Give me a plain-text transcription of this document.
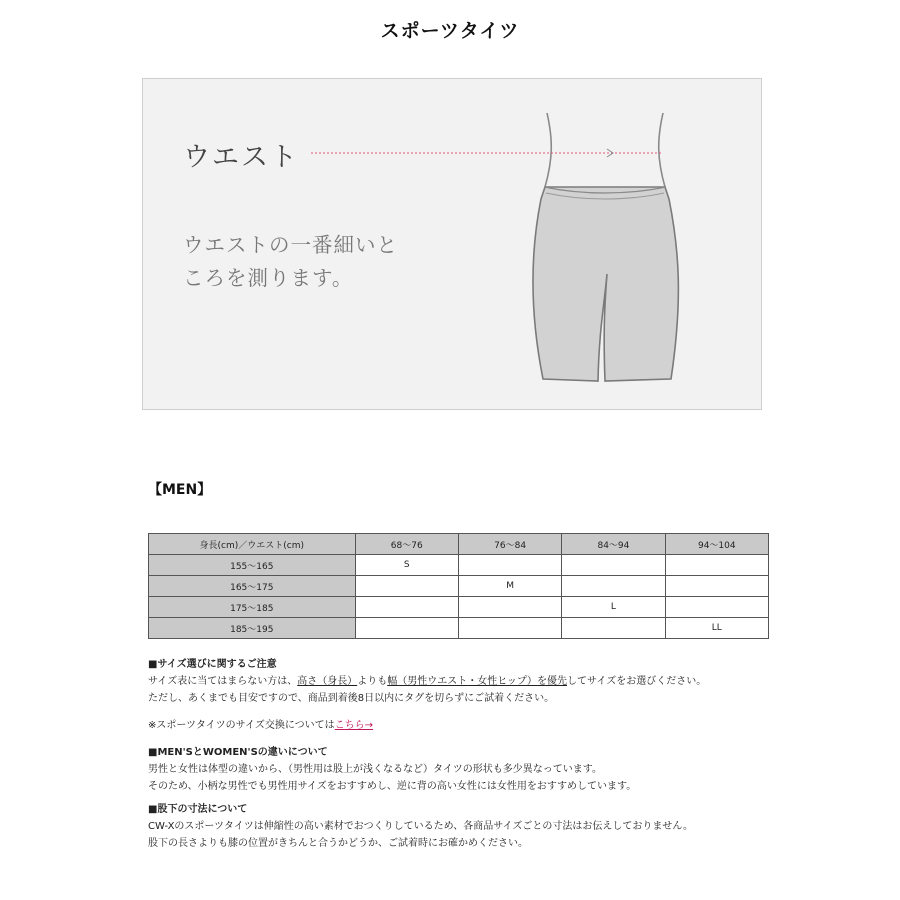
スポーツタイツ
ウエスト
ウエストの一番細いと
ころを測ります。
【MEN】
身長(cm)／ウエスト(cm)	68〜76	76〜84	84〜94	94〜104
155〜165	S			
165〜175		M		
175〜185			L	
185〜195				LL
■サイズ選びに関するご注意
サイズ表に当てはまらない方は、高さ（身長）よりも幅（男性ウエスト・女性ヒップ）を優先してサイズをお選びください。
ただし、あくまでも目安ですので、商品到着後8日以内にタグを切らずにご試着ください。
※スポーツタイツのサイズ交換についてはこちら→
■MEN'SとWOMEN'Sの違いについて
男性と女性は体型の違いから、（男性用は股上が浅くなるなど）タイツの形状も多少異なっています。
そのため、小柄な男性でも男性用サイズをおすすめし、逆に背の高い女性には女性用をおすすめしています。
■股下の寸法について
CW-Xのスポーツタイツは伸縮性の高い素材でおつくりしているため、各商品サイズごとの寸法はお伝えしておりません。
股下の長さよりも膝の位置がきちんと合うかどうか、ご試着時にお確かめください。
